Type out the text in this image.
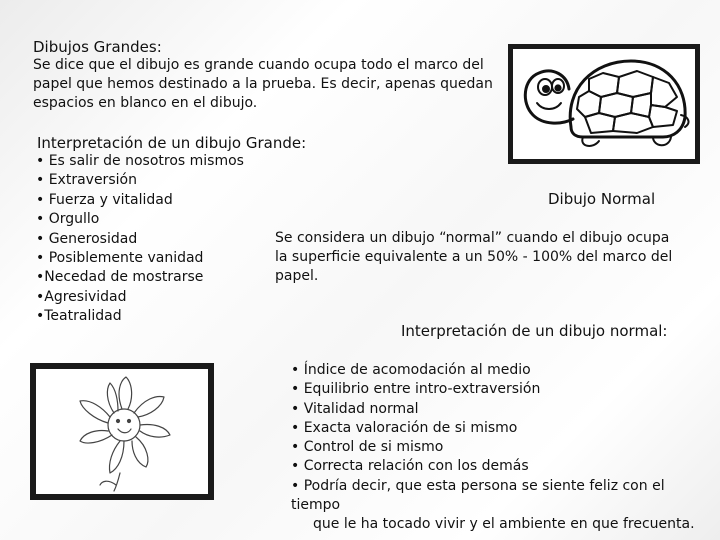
Dibujos Grandes:
Se dice que el dibujo es grande cuando ocupa todo el marco del papel que hemos destinado a la prueba. Es decir, apenas quedan espacios en blanco en el dibujo.
Interpretación de un dibujo Grande:
• Es salir de nosotros mismos
• Extraversión
• Fuerza y vitalidad
• Orgullo
• Generosidad
• Posiblemente vanidad
•Necedad de mostrarse
•Agresividad
•Teatralidad
Dibujo Normal
Se considera un dibujo “normal” cuando el dibujo ocupa la superficie equivalente a un 50% - 100% del marco del papel.
Interpretación de un dibujo normal:
• Índice de acomodación al medio
• Equilibrio entre intro-extraversión
• Vitalidad normal
• Exacta valoración de si mismo
• Control de si mismo
• Correcta relación con los demás
• Podría decir, que esta persona se siente feliz con el tiempo
que le ha tocado vivir y el ambiente en que frecuenta.
